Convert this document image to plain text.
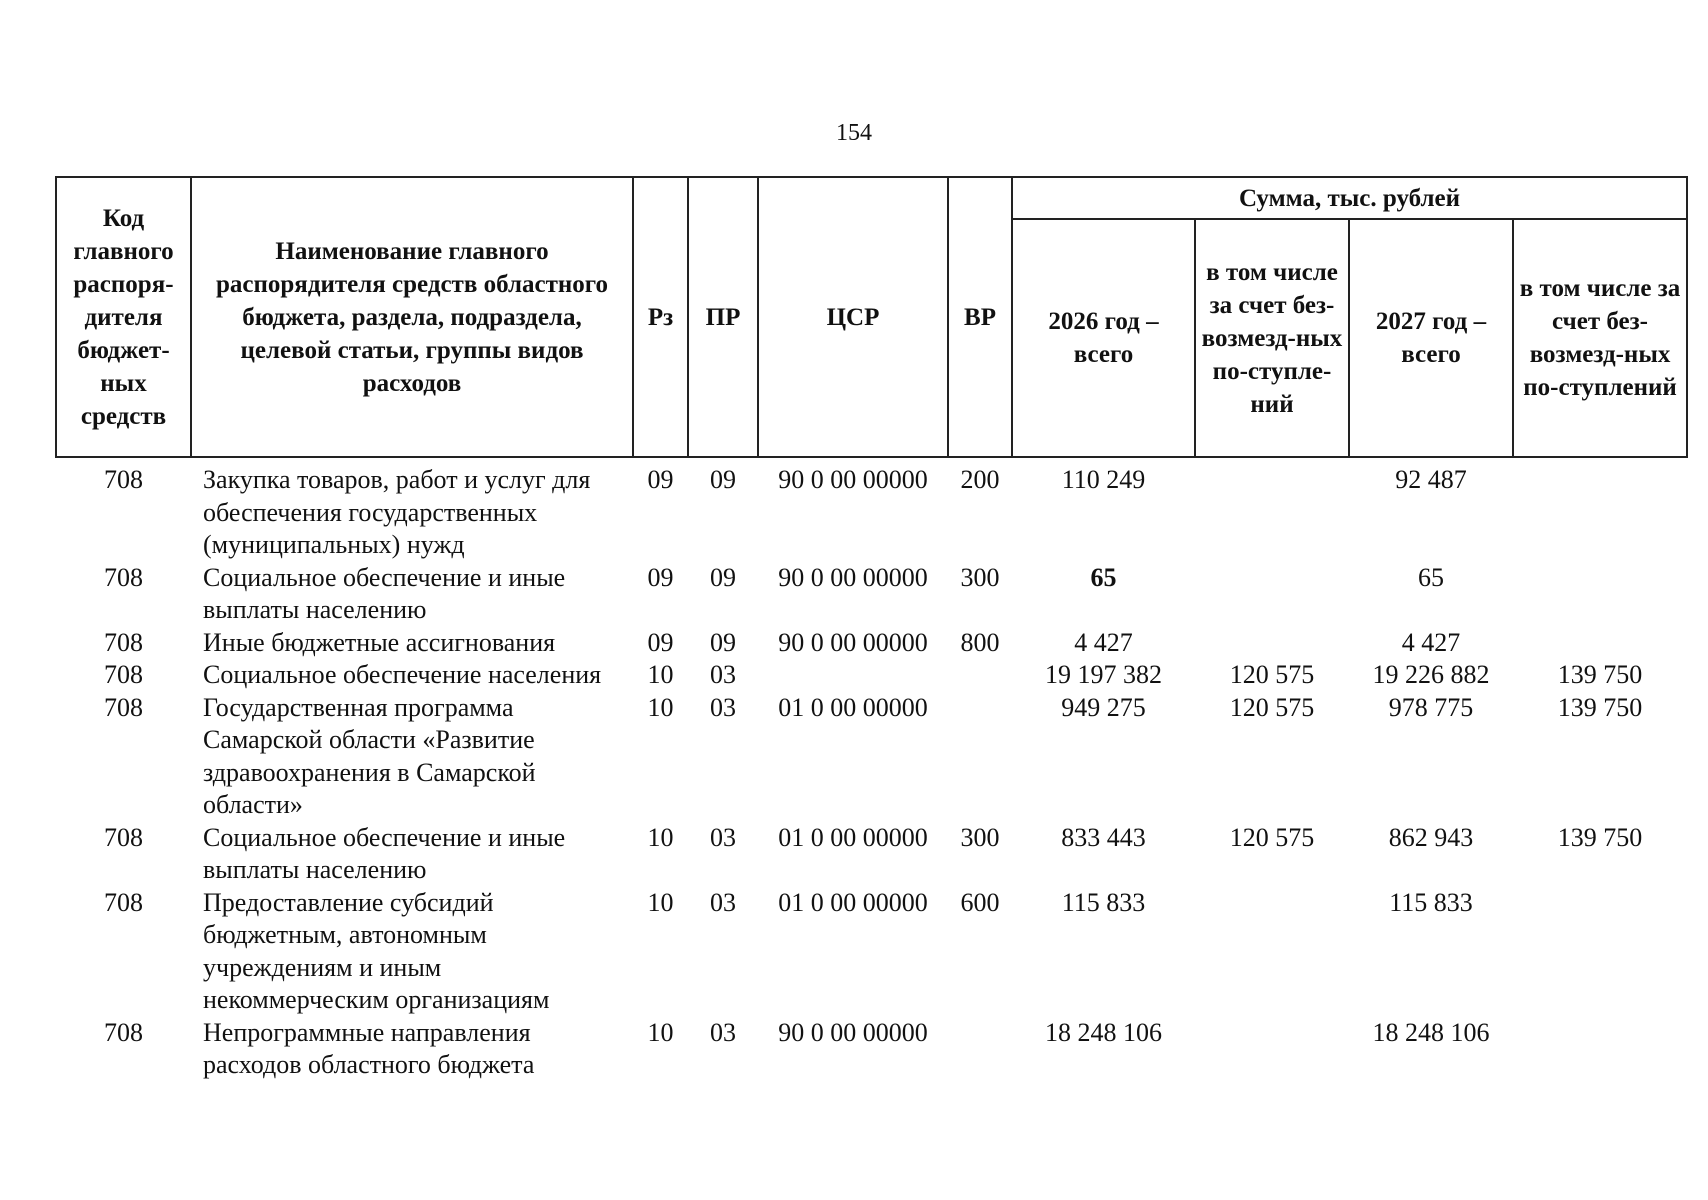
154
Код главного распоря-дителя бюджет-ных средств	Наименование главного распорядителя средств областного бюджета, раздела, подраздела, целевой статьи, группы видов расходов	Рз	ПР	ЦСР	ВР	Сумма, тыс. рублей			
						2026 год – всего	в том числе за счет без-возмезд-ных по-ступле-ний	2027 год – всего	в том числе за счет без-возмезд-ных по-ступлений
708	Закупка товаров, работ и услуг для обеспечения государственных (муниципальных) нужд	09	09	90 0 00 00000	200	110 249		92 487	
708	Социальное обеспечение и иные выплаты населению	09	09	90 0 00 00000	300	65		65	
708	Иные бюджетные ассигнования	09	09	90 0 00 00000	800	4 427		4 427	
708	Социальное обеспечение населения	10	03			19 197 382	120 575	19 226 882	139 750
708	Государственная программа Самарской области «Развитие здравоохранения в Самарской области»	10	03	01 0 00 00000		949 275	120 575	978 775	139 750
708	Социальное обеспечение и иные выплаты населению	10	03	01 0 00 00000	300	833 443	120 575	862 943	139 750
708	Предоставление субсидий бюджетным, автономным учреждениям и иным некоммерческим организациям	10	03	01 0 00 00000	600	115 833		115 833	
708	Непрограммные направления расходов областного бюджета	10	03	90 0 00 00000		18 248 106		18 248 106	
